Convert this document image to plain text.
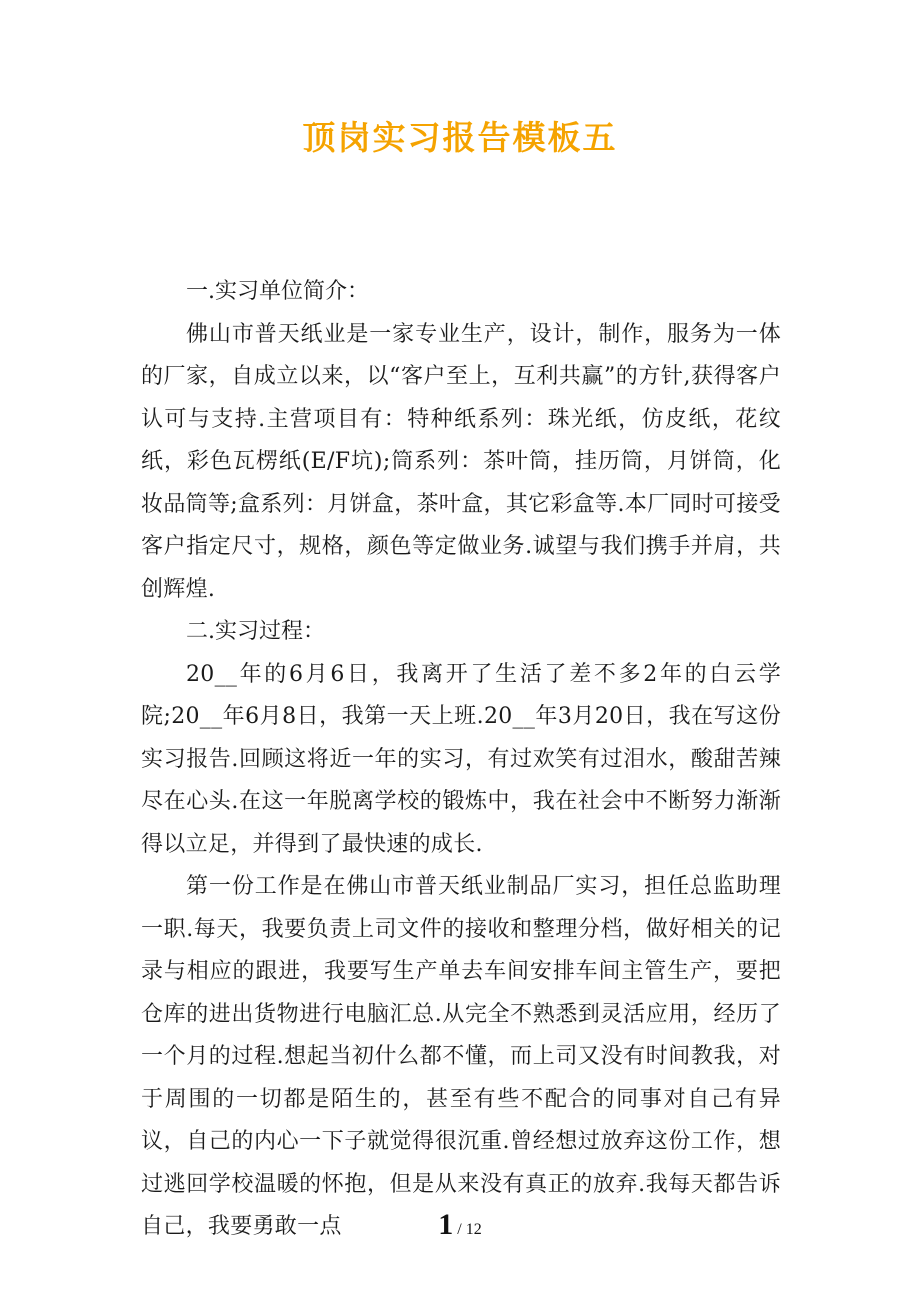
顶岗实习报告模板五

一.实习单位简介：

佛山市普天纸业是一家专业生产，设计，制作，服务为一体的厂家，自成立以来，以“客户至上，互利共赢”的方针,获得客户认可与支持.主营项目有：特种纸系列：珠光纸，仿皮纸，花纹纸，彩色瓦楞纸(E/F坑);筒系列：茶叶筒，挂历筒，月饼筒，化妆品筒等;盒系列：月饼盒，茶叶盒，其它彩盒等.本厂同时可接受客户指定尺寸，规格，颜色等定做业务.诚望与我们携手并肩，共创辉煌.

二.实习过程：

20__年的6月6日，我离开了生活了差不多2年的白云学院;20__年6月8日，我第一天上班.20__年3月20日，我在写这份实习报告.回顾这将近一年的实习，有过欢笑有过泪水，酸甜苦辣尽在心头.在这一年脱离学校的锻炼中，我在社会中不断努力渐渐得以立足，并得到了最快速的成长.

第一份工作是在佛山市普天纸业制品厂实习，担任总监助理一职.每天，我要负责上司文件的接收和整理分档，做好相关的记录与相应的跟进，我要写生产单去车间安排车间主管生产，要把仓库的进出货物进行电脑汇总.从完全不熟悉到灵活应用，经历了一个月的过程.想起当初什么都不懂，而上司又没有时间教我，对于周围的一切都是陌生的，甚至有些不配合的同事对自己有异议，自己的内心一下子就觉得很沉重.曾经想过放弃这份工作，想过逃回学校温暖的怀抱，但是从来没有真正的放弃.我每天都告诉自己，我要勇敢一点	1 / 12
